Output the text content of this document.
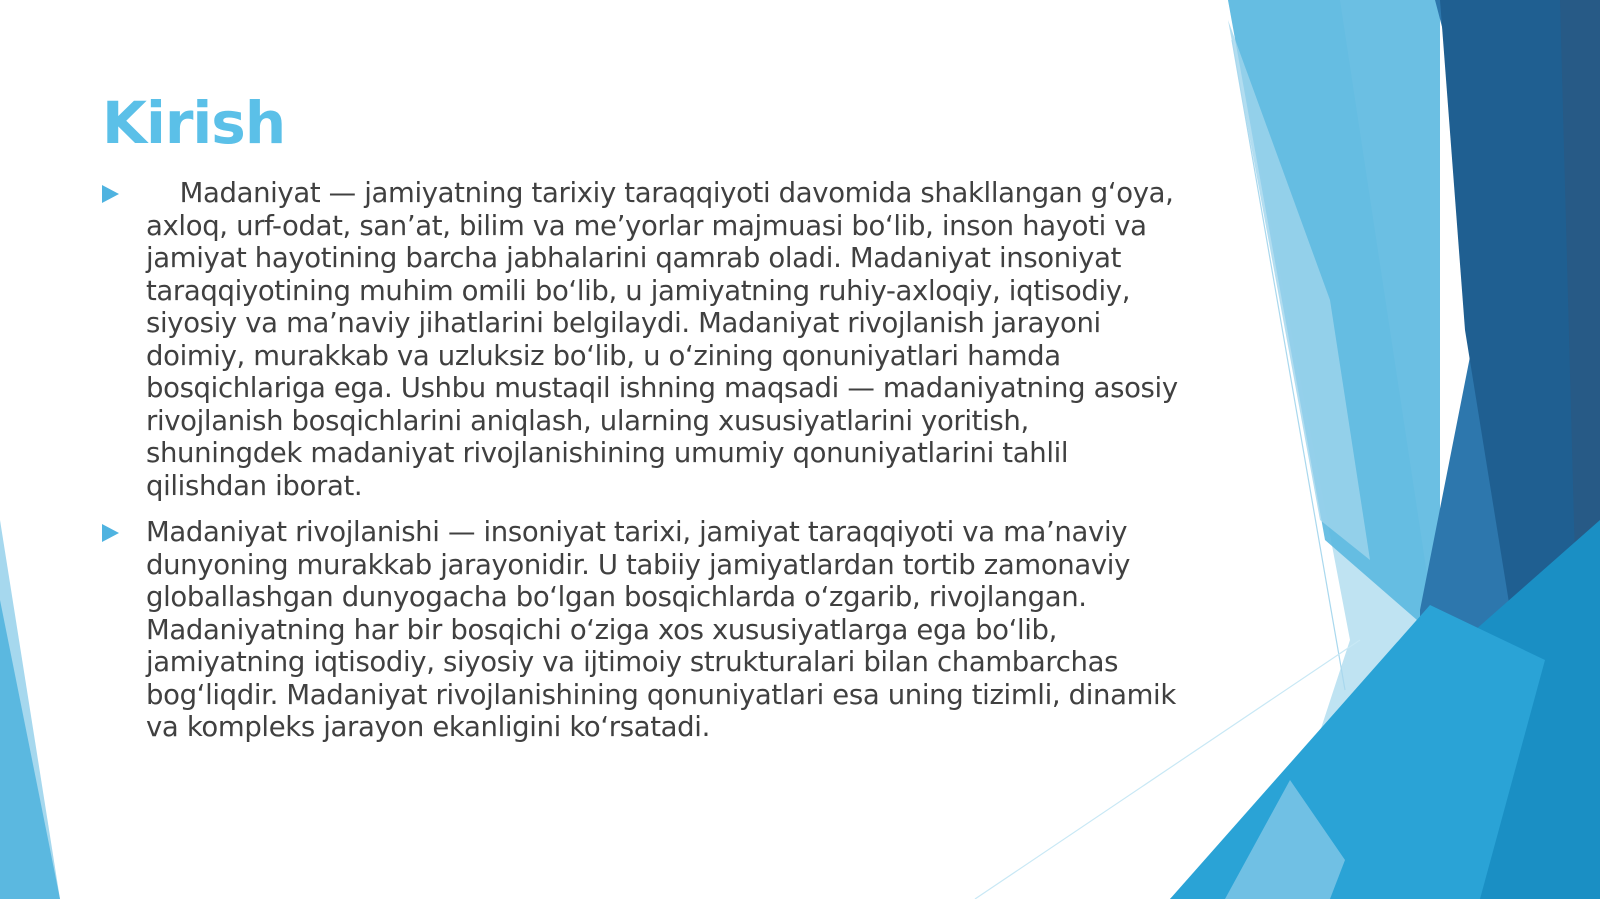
Kirish
Madaniyat — jamiyatning tarixiy taraqqiyoti davomida shakllangan g‘oya, axloq, urf-odat, san’at, bilim va me’yorlar majmuasi bo‘lib, inson hayoti va jamiyat hayotining barcha jabhalarini qamrab oladi. Madaniyat insoniyat taraqqiyotining muhim omili bo‘lib, u jamiyatning ruhiy-axloqiy, iqtisodiy, siyosiy va ma’naviy jihatlarini belgilaydi. Madaniyat rivojlanish jarayoni doimiy, murakkab va uzluksiz bo‘lib, u o‘zining qonuniyatlari hamda bosqichlariga ega. Ushbu mustaqil ishning maqsadi — madaniyatning asosiy rivojlanish bosqichlarini aniqlash, ularning xususiyatlarini yoritish, shuningdek madaniyat rivojlanishining umumiy qonuniyatlarini tahlil qilishdan iborat.
Madaniyat rivojlanishi — insoniyat tarixi, jamiyat taraqqiyoti va ma’naviy dunyoning murakkab jarayonidir. U tabiiy jamiyatlardan tortib zamonaviy globallashgan dunyogacha bo‘lgan bosqichlarda o‘zgarib, rivojlangan. Madaniyatning har bir bosqichi o‘ziga xos xususiyatlarga ega bo‘lib, jamiyatning iqtisodiy, siyosiy va ijtimoiy strukturalari bilan chambarchas bog‘liqdir. Madaniyat rivojlanishining qonuniyatlari esa uning tizimli, dinamik va kompleks jarayon ekanligini ko‘rsatadi.
